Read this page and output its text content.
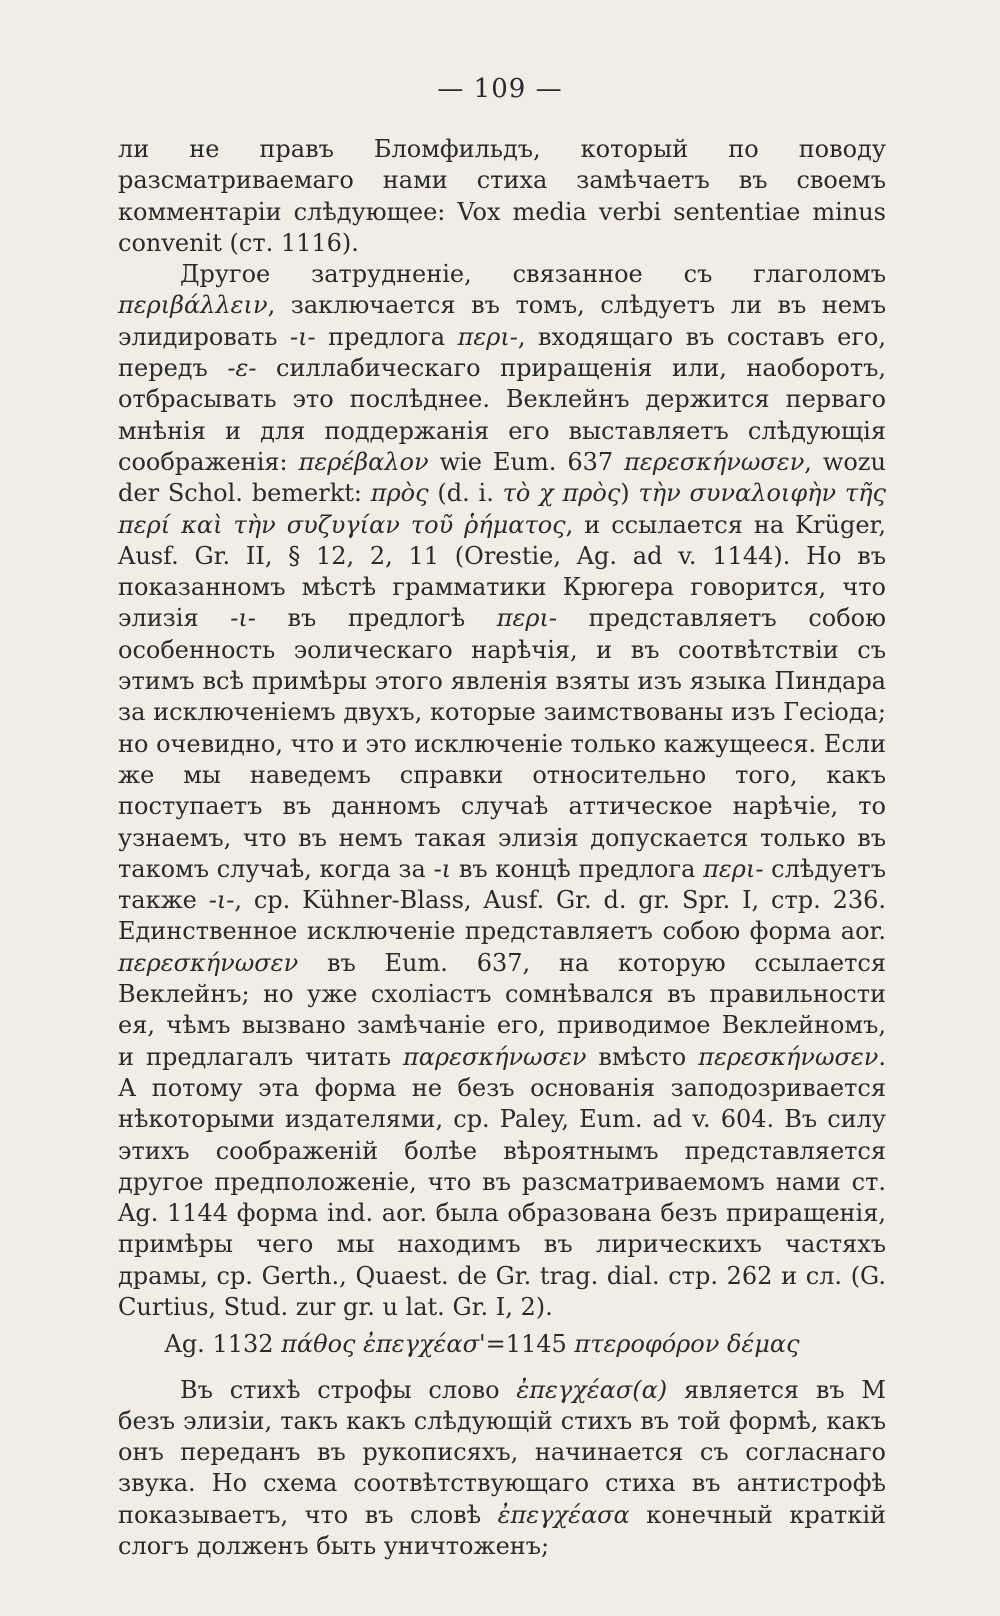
— 109 —

ли не правъ Бломфильдъ, который по поводу разсматриваемаго нами стиха замѣчаетъ въ своемъ комментаріи слѣдующее: Vox media verbi sententiae minus convenit (ст. 1116).

Другое затрудненіе, связанное съ глаголомъ περιβάλλειν, заключается въ томъ, слѣдуетъ ли въ немъ элидировать -ι- предлога περι-, входящаго въ составъ его, передъ -ε- силлабическаго приращенія или, наоборотъ, отбрасывать это послѣднее. Веклейнъ держится перваго мнѣнія и для поддержанія его выставляетъ слѣдующія соображенія: περέβαλον wie Eum. 637 περεσκήνωσεν, wozu der Schol. bemerkt: πρὸς (d. i. τὸ χ πρὸς) τὴν συναλοιφὴν τῆς περί καὶ τὴν συζυγίαν τοῦ ῥήματος, и ссылается на Krüger, Ausf. Gr. II, § 12, 2, 11 (Orestie, Ag. ad v. 1144). Но въ показанномъ мѣстѣ грамматики Крюгера говорится, что элизія -ι- въ предлогѣ περι- представляетъ собою особенность эолическаго нарѣчія, и въ соотвѣтствіи съ этимъ всѣ примѣры этого явленія взяты изъ языка Пиндара за исключеніемъ двухъ, которые заимствованы изъ Гесіода; но очевидно, что и это исключеніе только кажущееся. Если же мы наведемъ справки относительно того, какъ поступаетъ въ данномъ случаѣ аттическое нарѣчіе, то узнаемъ, что въ немъ такая элизія допускается только въ такомъ случаѣ, когда за -ι въ концѣ предлога περι- слѣдуетъ также -ι-, ср. Kühner-Blass, Ausf. Gr. d. gr. Spr. I, стр. 236. Единственное исключеніе представляетъ собою форма aor. περεσκήνωσεν въ Eum. 637, на которую ссылается Веклейнъ; но уже схоліастъ сомнѣвался въ правильности ея, чѣмъ вызвано замѣчаніе его, приводимое Веклейномъ, и предлагалъ читать παρεσκήνωσεν вмѣсто περεσκήνωσεν. А потому эта форма не безъ основанія заподозривается нѣкоторыми издателями, ср. Paley, Eum. ad v. 604. Въ силу этихъ соображеній болѣе вѣроятнымъ представляется другое предположеніе, что въ разсматриваемомъ нами ст. Ag. 1144 форма ind. aor. была образована безъ приращенія, примѣры чего мы находимъ въ лирическихъ частяхъ драмы, ср. Gerth., Quaest. de Gr. trag. dial. стр. 262 и сл. (G. Curtius, Stud. zur gr. u lat. Gr. I, 2).

Ag. 1132 πάθος ἐπεγχέασ'=1145 πτεροφόρον δέμας

Въ стихѣ строфы слово ἐπεγχέασ(α) является въ M безъ элизіи, такъ какъ слѣдующій стихъ въ той формѣ, какъ онъ переданъ въ рукописяхъ, начинается съ согласнаго звука. Но схема соотвѣтствующаго стиха въ антистрофѣ показываетъ, что въ словѣ ἐπεγχέασα конечный краткій слогъ долженъ быть уничтоженъ;
